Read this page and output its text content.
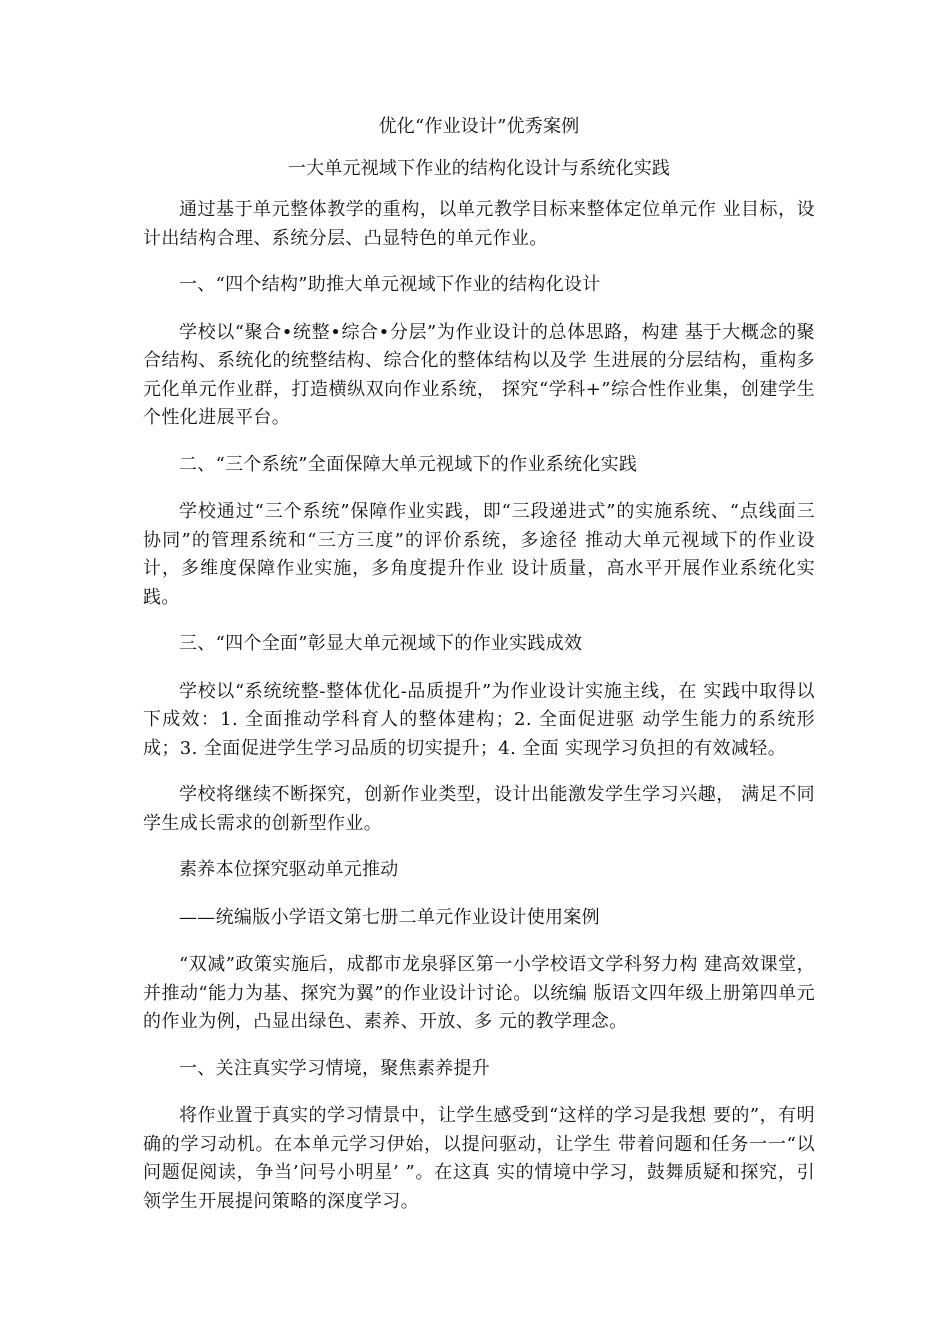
优化“作业设计”优秀案例
一大单元视域下作业的结构化设计与系统化实践
通过基于单元整体教学的重构，以单元教学目标来整体定位单元作 业目标，设计出结构合理、系统分层、凸显特色的单元作业。
一、“四个结构”助推大单元视域下作业的结构化设计
学校以“聚合•统整•综合•分层”为作业设计的总体思路，构建 基于大概念的聚合结构、系统化的统整结构、综合化的整体结构以及学 生进展的分层结构，重构多元化单元作业群，打造横纵双向作业系统， 探究“学科+”综合性作业集，创建学生个性化进展平台。
二、“三个系统”全面保障大单元视域下的作业系统化实践
学校通过“三个系统”保障作业实践，即“三段递进式”的实施系统、“点线面三协同”的管理系统和“三方三度”的评价系统，多途径 推动大单元视域下的作业设计，多维度保障作业实施，多角度提升作业 设计质量，高水平开展作业系统化实践。
三、“四个全面”彰显大单元视域下的作业实践成效
学校以“系统统整-整体优化-品质提升”为作业设计实施主线，在 实践中取得以下成效：1. 全面推动学科育人的整体建构；2. 全面促进驱 动学生能力的系统形成；3. 全面促进学生学习品质的切实提升；4. 全面 实现学习负担的有效减轻。
学校将继续不断探究，创新作业类型，设计出能激发学生学习兴趣， 满足不同学生成长需求的创新型作业。
素养本位探究驱动单元推动
——统编版小学语文第七册二单元作业设计使用案例
“双减”政策实施后，成都市龙泉驿区第一小学校语文学科努力构 建高效课堂，并推动“能力为基、探究为翼”的作业设计讨论。以统编 版语文四年级上册第四单元的作业为例，凸显出绿色、素养、开放、多 元的教学理念。
一、关注真实学习情境，聚焦素养提升
将作业置于真实的学习情景中，让学生感受到“这样的学习是我想 要的”，有明确的学习动机。在本单元学习伊始，以提问驱动，让学生 带着问题和任务一一“以问题促阅读，争当’问号小明星’ ”。在这真 实的情境中学习，鼓舞质疑和探究，引领学生开展提问策略的深度学习。
